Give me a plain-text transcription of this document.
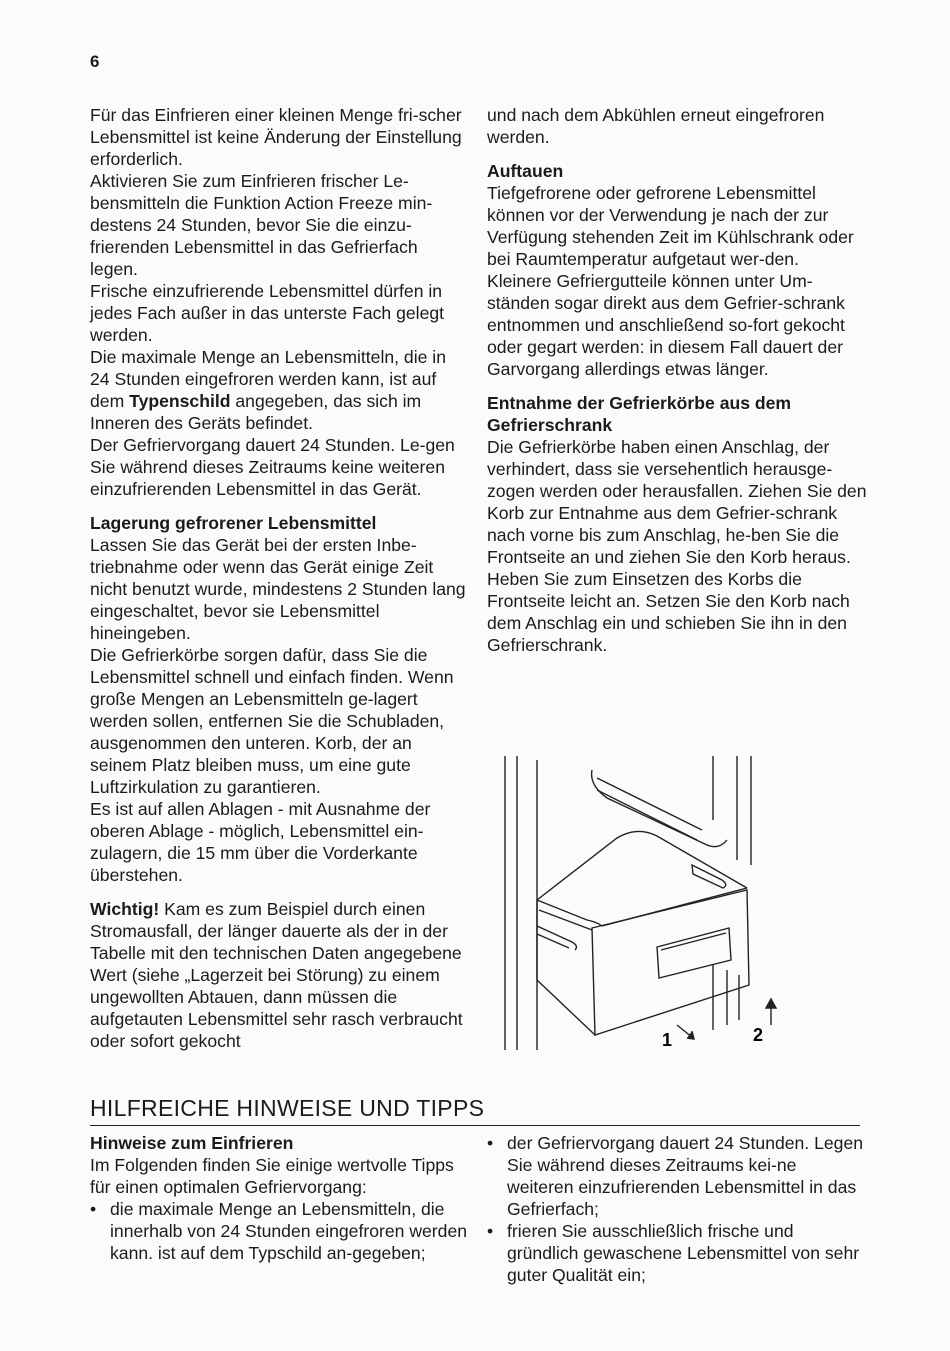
6

Für das Einfrieren einer kleinen Menge fri-scher Lebensmittel ist keine Änderung der Einstellung erforderlich.

Aktivieren Sie zum Einfrieren frischer Le-bensmitteln die Funktion Action Freeze min-destens 24 Stunden, bevor Sie die einzu-frierenden Lebensmittel in das Gefrierfach legen.

Frische einzufrierende Lebensmittel dürfen in jedes Fach außer in das unterste Fach gelegt werden.

Die maximale Menge an Lebensmitteln, die in 24 Stunden eingefroren werden kann, ist auf dem Typenschild angegeben, das sich im Inneren des Geräts befindet.

Der Gefriervorgang dauert 24 Stunden. Le-gen Sie während dieses Zeitraums keine weiteren einzufrierenden Lebensmittel in das Gerät.

Lagerung gefrorener Lebensmittel

Lassen Sie das Gerät bei der ersten Inbe-triebnahme oder wenn das Gerät einige Zeit nicht benutzt wurde, mindestens 2 Stunden lang eingeschaltet, bevor sie Lebensmittel hineingeben.

Die Gefrierkörbe sorgen dafür, dass Sie die Lebensmittel schnell und einfach finden. Wenn große Mengen an Lebensmitteln ge-lagert werden sollen, entfernen Sie die Schubladen, ausgenommen den unteren. Korb, der an seinem Platz bleiben muss, um eine gute Luftzirkulation zu garantieren.

Es ist auf allen Ablagen - mit Ausnahme der oberen Ablage - möglich, Lebensmittel ein-zulagern, die 15 mm über die Vorderkante überstehen.

Wichtig! Kam es zum Beispiel durch einen Stromausfall, der länger dauerte als der in der Tabelle mit den technischen Daten angegebene Wert (siehe „Lagerzeit bei Störung) zu einem ungewollten Abtauen, dann müssen die aufgetauten Lebensmittel sehr rasch verbraucht oder sofort gekocht

und nach dem Abkühlen erneut eingefroren werden.

Auftauen

Tiefgefrorene oder gefrorene Lebensmittel können vor der Verwendung je nach der zur Verfügung stehenden Zeit im Kühlschrank oder bei Raumtemperatur aufgetaut wer-den.

Kleinere Gefriergutteile können unter Um-ständen sogar direkt aus dem Gefrier-schrank entnommen und anschließend so-fort gekocht oder gegart werden: in diesem Fall dauert der Garvorgang allerdings etwas länger.

Entnahme der Gefrierkörbe aus dem Gefrierschrank

Die Gefrierkörbe haben einen Anschlag, der verhindert, dass sie versehentlich herausge-zogen werden oder herausfallen. Ziehen Sie den Korb zur Entnahme aus dem Gefrier-schrank nach vorne bis zum Anschlag, he-ben Sie die Frontseite an und ziehen Sie den Korb heraus.

Heben Sie zum Einsetzen des Korbs die Frontseite leicht an. Setzen Sie den Korb nach dem Anschlag ein und schieben Sie ihn in den Gefrierschrank.

1	2
HILFREICHE HINWEISE UND TIPPS
Hinweise zum Einfrieren

Im Folgenden finden Sie einige wertvolle Tipps für einen optimalen Gefriervorgang:

• die maximale Menge an Lebensmitteln, die innerhalb von 24 Stunden eingefroren werden kann. ist auf dem Typschild an-gegeben;
• der Gefriervorgang dauert 24 Stunden. Legen Sie während dieses Zeitraums kei-ne weiteren einzufrierenden Lebensmittel in das Gefrierfach;
• frieren Sie ausschließlich frische und gründlich gewaschene Lebensmittel von sehr guter Qualität ein;
